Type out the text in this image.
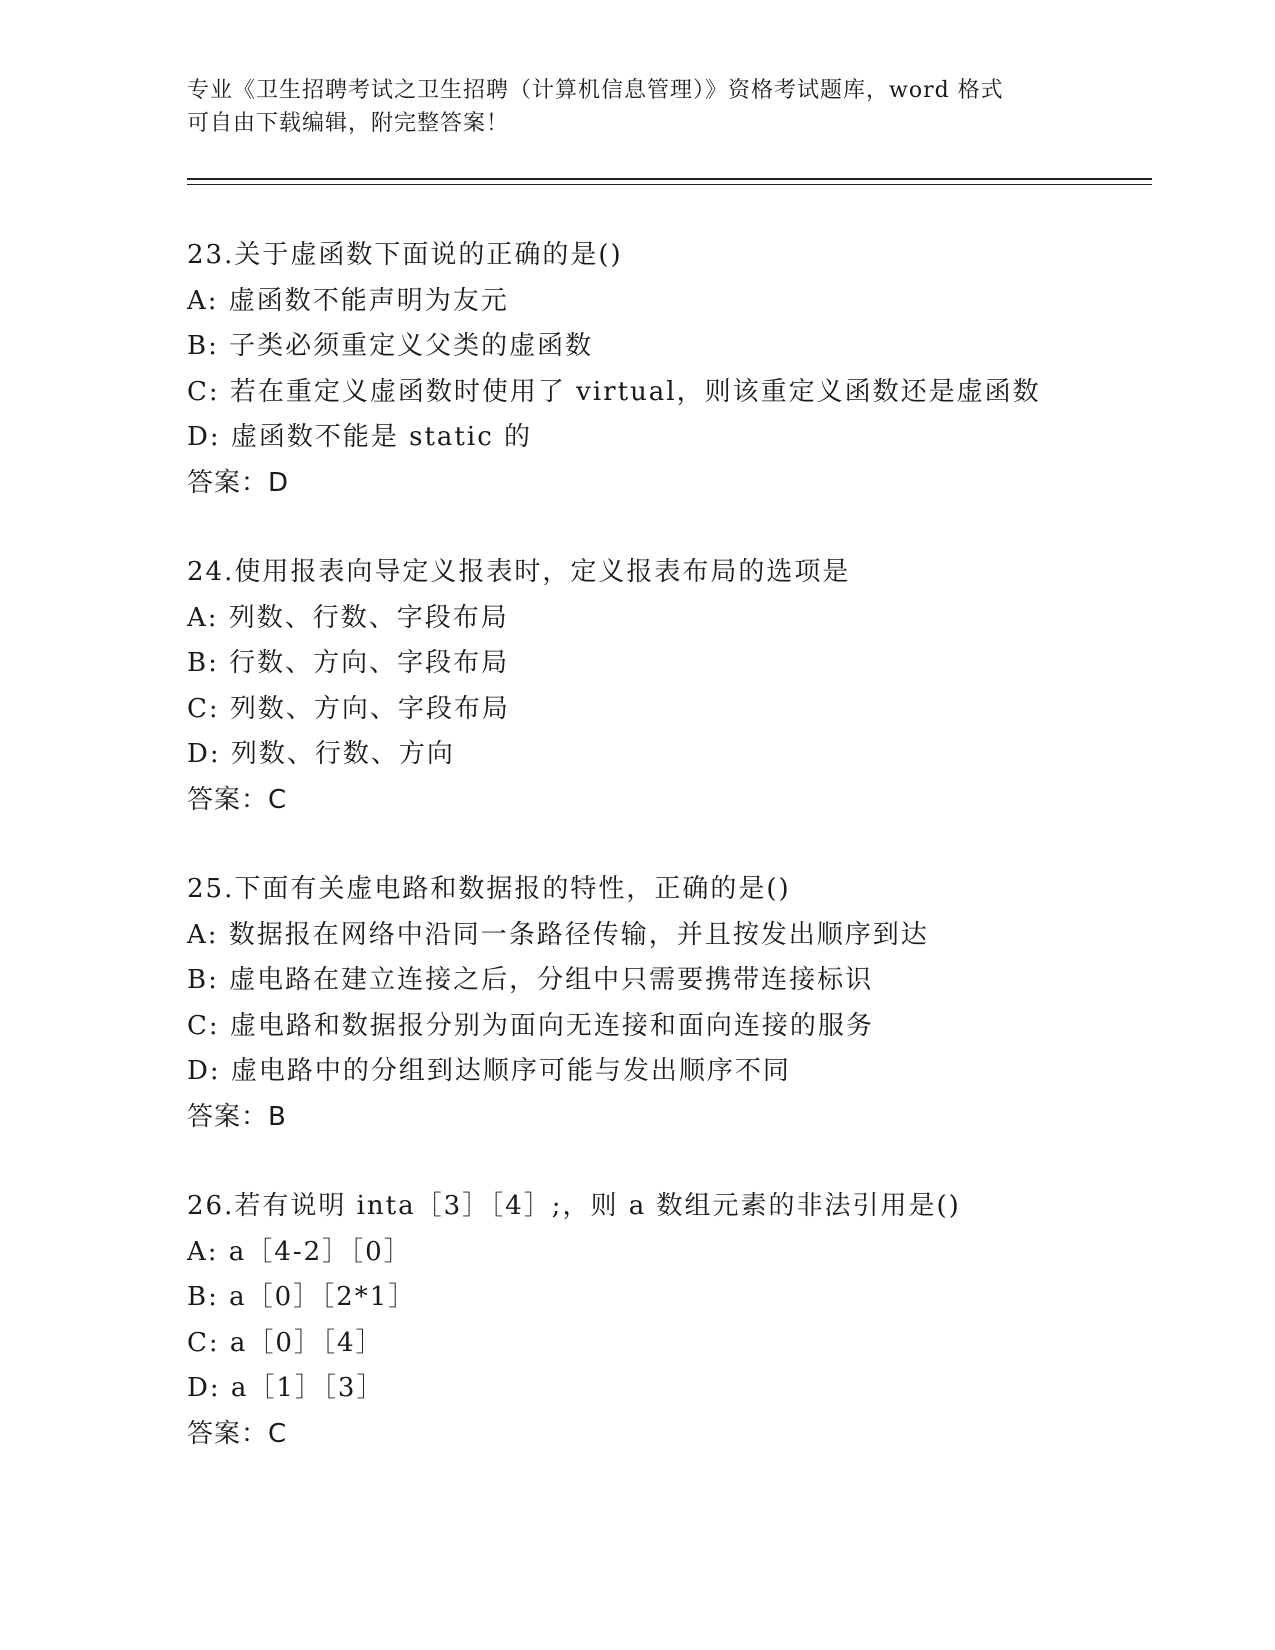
专业《卫生招聘考试之卫生招聘（计算机信息管理）》资格考试题库，word 格式
可自由下载编辑，附完整答案！
23.关于虚函数下面说的正确的是()
A: 虚函数不能声明为友元
B: 子类必须重定义父类的虚函数
C: 若在重定义虚函数时使用了 virtual，则该重定义函数还是虚函数
D: 虚函数不能是 static 的
答案：D
24.使用报表向导定义报表时，定义报表布局的选项是
A: 列数、行数、字段布局
B: 行数、方向、字段布局
C: 列数、方向、字段布局
D: 列数、行数、方向
答案：C
25.下面有关虚电路和数据报的特性，正确的是()
A: 数据报在网络中沿同一条路径传输，并且按发出顺序到达
B: 虚电路在建立连接之后，分组中只需要携带连接标识
C: 虚电路和数据报分别为面向无连接和面向连接的服务
D: 虚电路中的分组到达顺序可能与发出顺序不同
答案：B
26.若有说明 inta［3］［4］;，则 a 数组元素的非法引用是()
A: a［4-2］［0］
B: a［0］［2*1］
C: a［0］［4］
D: a［1］［3］
答案：C
